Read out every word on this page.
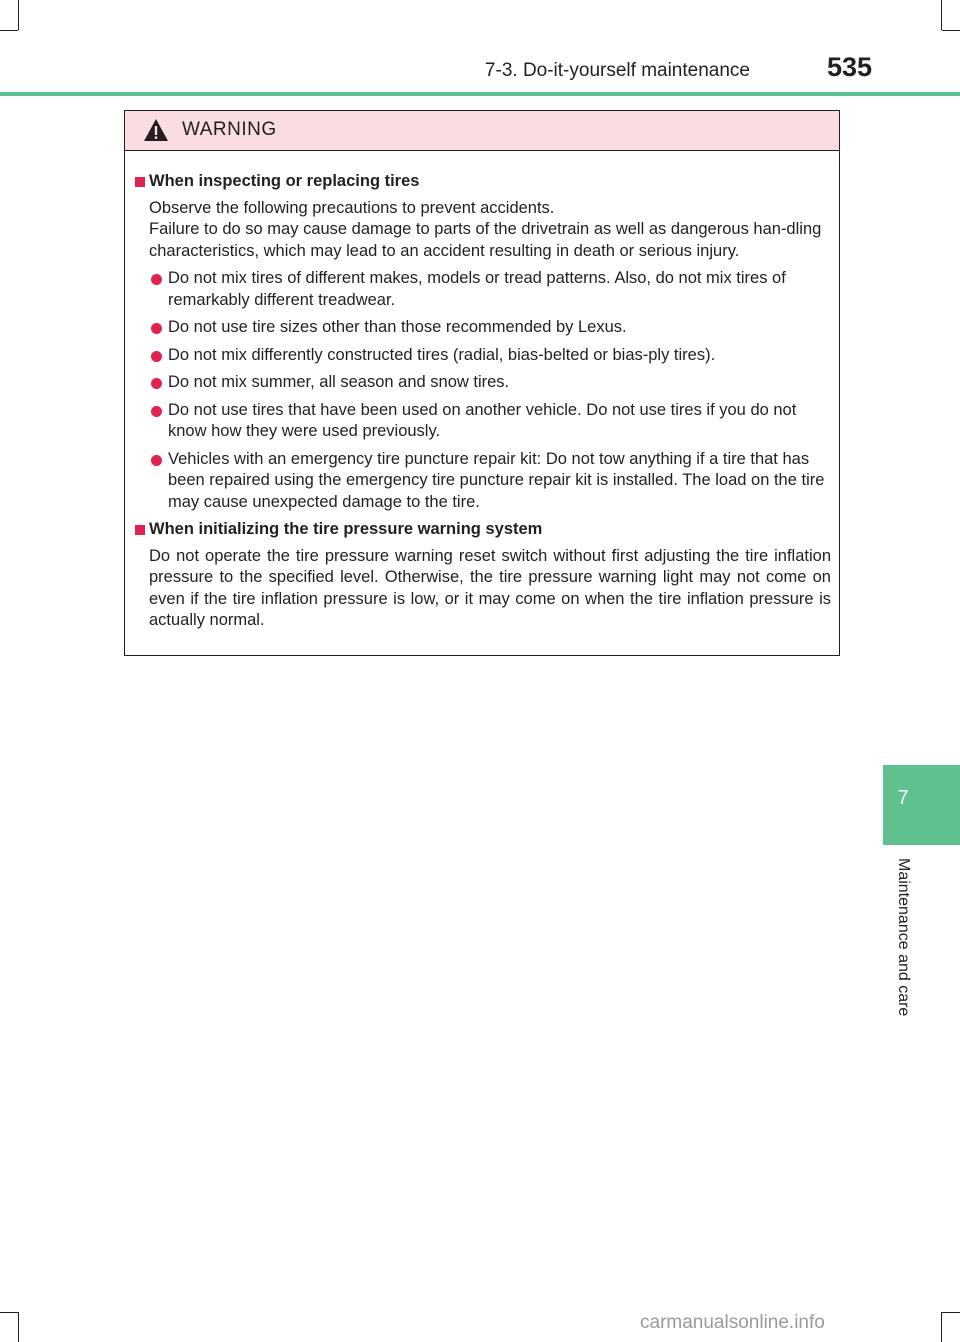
7-3. Do-it-yourself maintenance	535
WARNING
When inspecting or replacing tires
Observe the following precautions to prevent accidents.
Failure to do so may cause damage to parts of the drivetrain as well as dangerous han-dling characteristics, which may lead to an accident resulting in death or serious injury.
Do not mix tires of different makes, models or tread patterns. Also, do not mix tires of remarkably different treadwear.
Do not use tire sizes other than those recommended by Lexus.
Do not mix differently constructed tires (radial, bias-belted or bias-ply tires).
Do not mix summer, all season and snow tires.
Do not use tires that have been used on another vehicle. Do not use tires if you do not know how they were used previously.
Vehicles with an emergency tire puncture repair kit: Do not tow anything if a tire that has been repaired using the emergency tire puncture repair kit is installed. The load on the tire may cause unexpected damage to the tire.
When initializing the tire pressure warning system
Do not operate the tire pressure warning reset switch without first adjusting the tire inflation pressure to the specified level. Otherwise, the tire pressure warning light may not come on even if the tire inflation pressure is low, or it may come on when the tire inflation pressure is actually normal.
7
Maintenance and care
carmanualsonline.info
